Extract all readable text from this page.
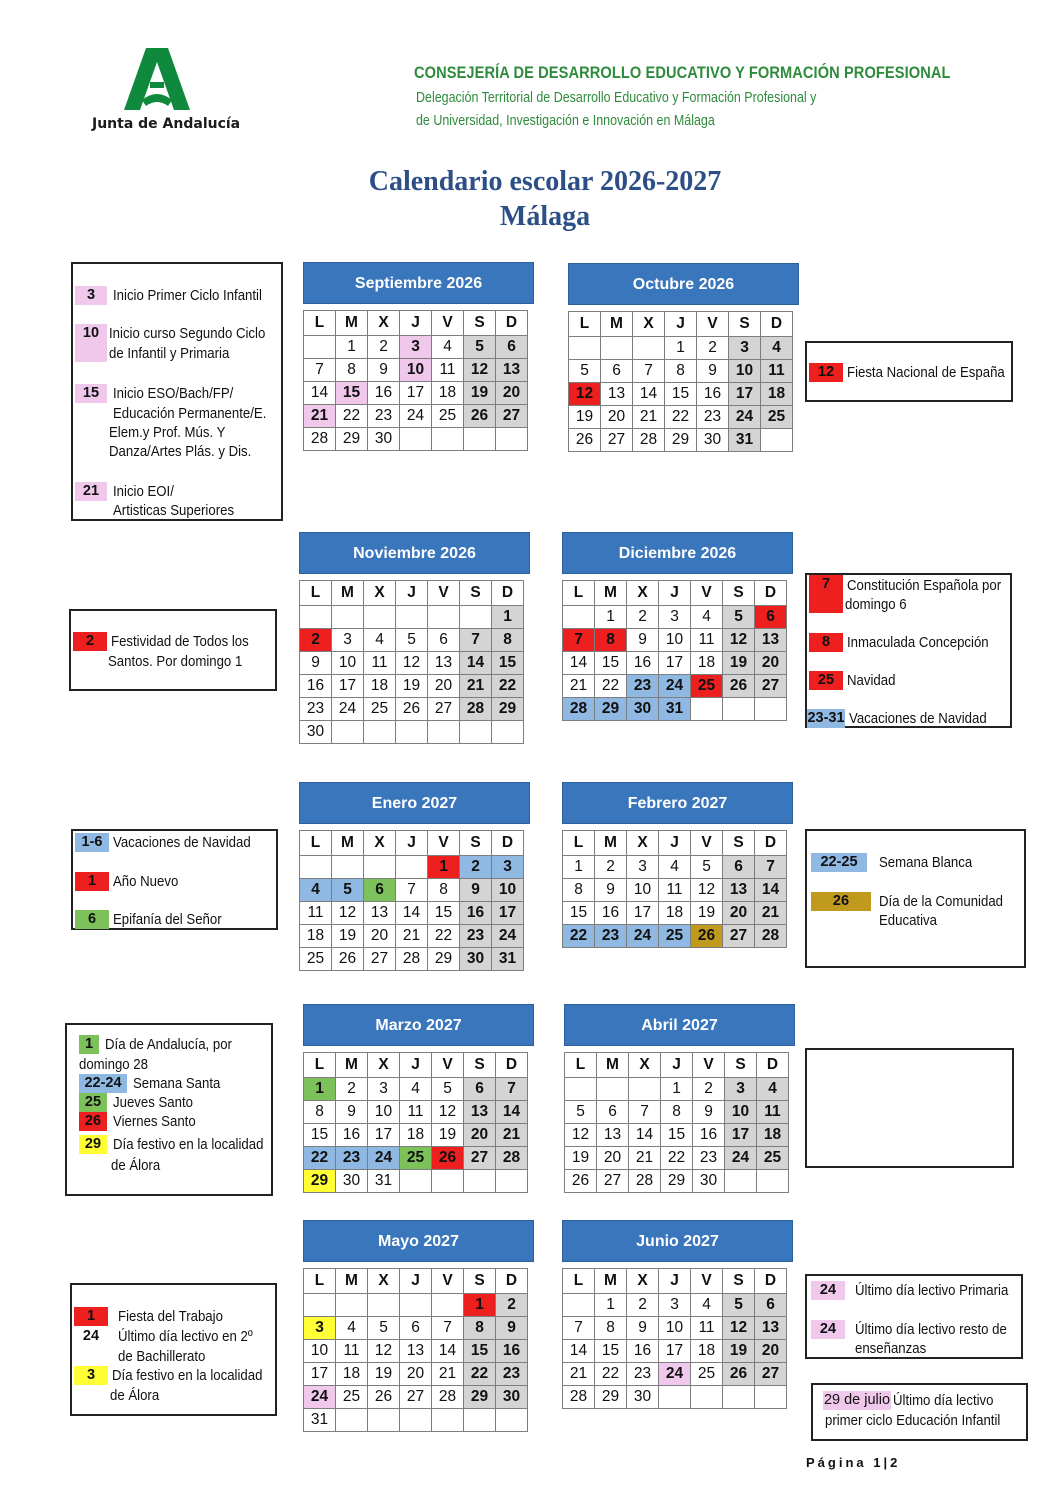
Junta de Andalucía
CONSEJERÍA DE DESARROLLO EDUCATIVO Y FORMACIÓN PROFESIONAL
Delegación Territorial de Desarrollo Educativo y Formación Profesional y
de Universidad, Investigación e Innovación en Málaga
Calendario escolar 2026-2027
Málaga
Septiembre 2026
L	M	X	J	V	S	D
	1	2	3	4	5	6
7	8	9	10	11	12	13
14	15	16	17	18	19	20
21	22	23	24	25	26	27
28	29	30				
Octubre 2026
L	M	X	J	V	S	D
			1	2	3	4
5	6	7	8	9	10	11
12	13	14	15	16	17	18
19	20	21	22	23	24	25
26	27	28	29	30	31	
Noviembre 2026
L	M	X	J	V	S	D
						1
2	3	4	5	6	7	8
9	10	11	12	13	14	15
16	17	18	19	20	21	22
23	24	25	26	27	28	29
30						
Diciembre 2026
L	M	X	J	V	S	D
	1	2	3	4	5	6
7	8	9	10	11	12	13
14	15	16	17	18	19	20
21	22	23	24	25	26	27
28	29	30	31			
Enero 2027
L	M	X	J	V	S	D
				1	2	3
4	5	6	7	8	9	10
11	12	13	14	15	16	17
18	19	20	21	22	23	24
25	26	27	28	29	30	31
Febrero 2027
L	M	X	J	V	S	D
1	2	3	4	5	6	7
8	9	10	11	12	13	14
15	16	17	18	19	20	21
22	23	24	25	26	27	28
Marzo 2027
L	M	X	J	V	S	D
1	2	3	4	5	6	7
8	9	10	11	12	13	14
15	16	17	18	19	20	21
22	23	24	25	26	27	28
29	30	31				
Abril 2027
L	M	X	J	V	S	D
			1	2	3	4
5	6	7	8	9	10	11
12	13	14	15	16	17	18
19	20	21	22	23	24	25
26	27	28	29	30		
Mayo 2027
L	M	X	J	V	S	D
					1	2
3	4	5	6	7	8	9
10	11	12	13	14	15	16
17	18	19	20	21	22	23
24	25	26	27	28	29	30
31						
Junio 2027
L	M	X	J	V	S	D
	1	2	3	4	5	6
7	8	9	10	11	12	13
14	15	16	17	18	19	20
21	22	23	24	25	26	27
28	29	30				
3	Inicio Primer Ciclo Infantil
10 Inicio curso Segundo Ciclo
de Infantil y Primaria
15 Inicio ESO/Bach/FP/
Educación Permanente/E.
Elem.y Prof. Mús. Y
Danza/Artes Plás. y Dis.
21 Inicio EOI/
Artisticas Superiores
12 Fiesta Nacional de España
2	Festividad de Todos los
Santos. Por domingo 1
7	Constitución Española por
domingo 6
8	Inmaculada Concepción
25 Navidad
23-31 Vacaciones de Navidad
1-6 Vacaciones de Navidad
1	Año Nuevo
6	Epifanía del Señor
22-25	Semana Blanca
26	Día de la Comunidad
Educativa
1 Día de Andalucía, por
domingo 28
22-24 Semana Santa
25 Jueves Santo
26 Viernes Santo
29 Día festivo en la localidad
de Álora
1	Fiesta del Trabajo
24	Último día lectivo en 2º
de Bachillerato
3	Día festivo en la localidad
de Álora
24	Último día lectivo Primaria
24	Último día lectivo resto de
enseñanzas
29 de julio Último día lectivo
primer ciclo Educación Infantil
Página 1|2
